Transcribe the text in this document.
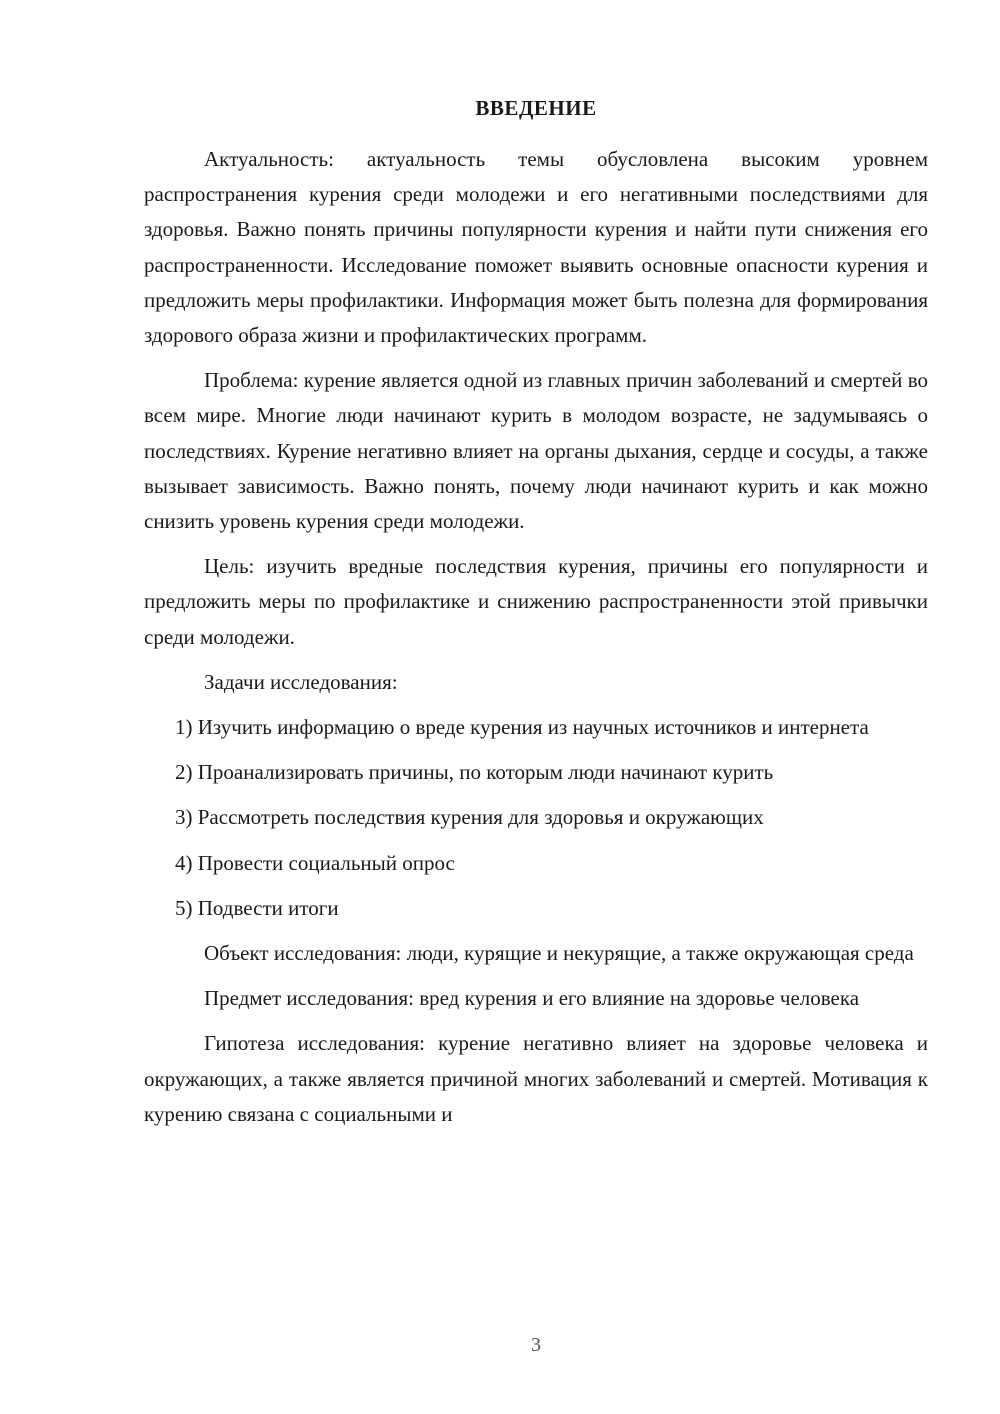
ВВЕДЕНИЕ

Актуальность: актуальность темы обусловлена высоким уровнем распространения курения среди молодежи и его негативными последствиями для здоровья. Важно понять причины популярности курения и найти пути снижения его распространенности. Исследование поможет выявить основные опасности курения и предложить меры профилактики. Информация может быть полезна для формирования здорового образа жизни и профилактических программ.

Проблема: курение является одной из главных причин заболеваний и смертей во всем мире. Многие люди начинают курить в молодом возрасте, не задумываясь о последствиях. Курение негативно влияет на органы дыхания, сердце и сосуды, а также вызывает зависимость. Важно понять, почему люди начинают курить и как можно снизить уровень курения среди молодежи.

Цель: изучить вредные последствия курения, причины его популярности и предложить меры по профилактике и снижению распространенности этой привычки среди молодежи.

Задачи исследования:

1) Изучить информацию о вреде курения из научных источников и интернета

2) Проанализировать причины, по которым люди начинают курить

3) Рассмотреть последствия курения для здоровья и окружающих

4) Провести социальный опрос

5) Подвести итоги

Объект исследования: люди, курящие и некурящие, а также окружающая среда

Предмет исследования: вред курения и его влияние на здоровье человека

Гипотеза исследования: курение негативно влияет на здоровье человека и окружающих, а также является причиной многих заболеваний и смертей. Мотивация к курению связана с социальными и

3
